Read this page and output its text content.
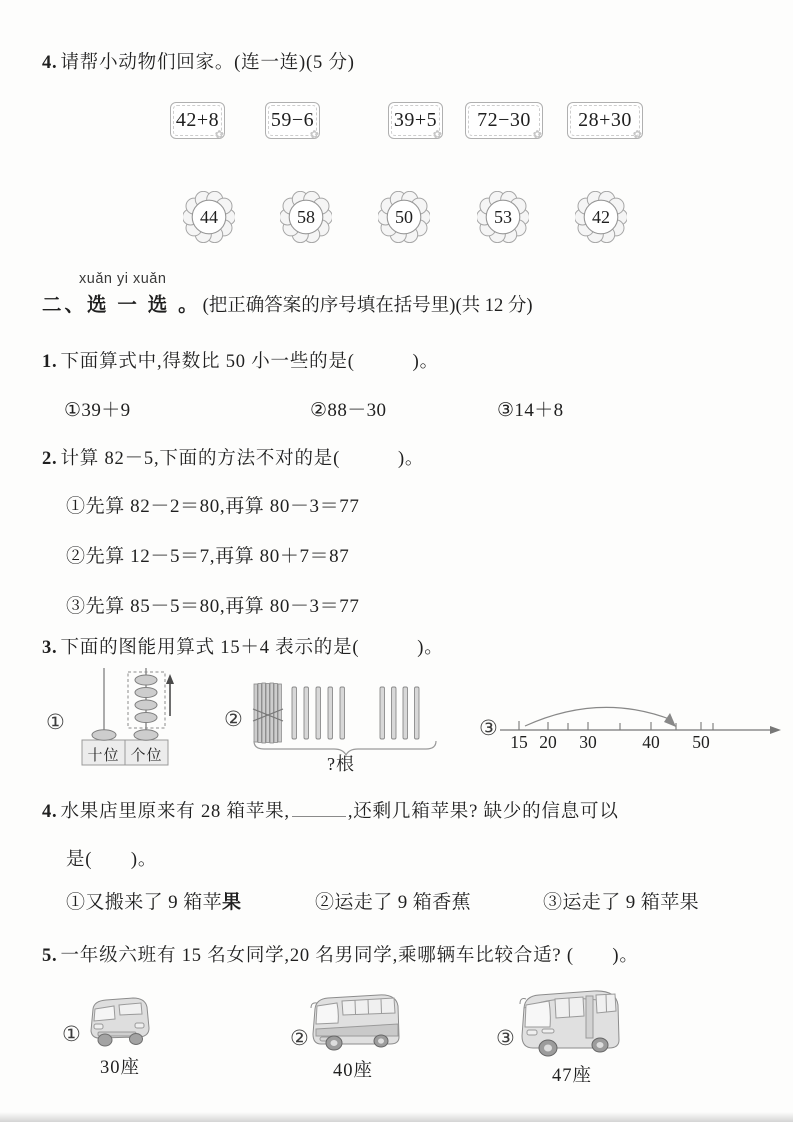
4. 请帮小动物们回家。(连一连)(5 分)
42+8
✿
59−6
✿
39+5
✿
72−30
✿
28+30
✿
44	58	50	53	42
xuǎn yi xuǎn
二、选 一 选 。 (把正确答案的序号填在括号里)(共 12 分)
1. 下面算式中,得数比 50 小一些的是(　　　)。
①39＋9	②88－30	③14＋8
2. 计算 82－5,下面的方法不对的是(　　　)。
①先算 82－2＝80,再算 80－3＝77
②先算 12－5＝7,再算 80＋7＝87
③先算 85－5＝80,再算 80－3＝77
3. 下面的图能用算式 15＋4 表示的是(　　　)。
①
十位 个位
②
?根
③
15 20	30	40	50
4. 水果店里原来有 28 箱苹果,	,还剩几箱苹果? 缺少的信息可以
是(　　)。
①又搬来了 9 箱苹果	②运走了 9 箱香蕉	③运走了 9 箱苹果
5. 一年级六班有 15 名女同学,20 名男同学,乘哪辆车比较合适? (　　)。
①
30座
②
40座
③
47座
